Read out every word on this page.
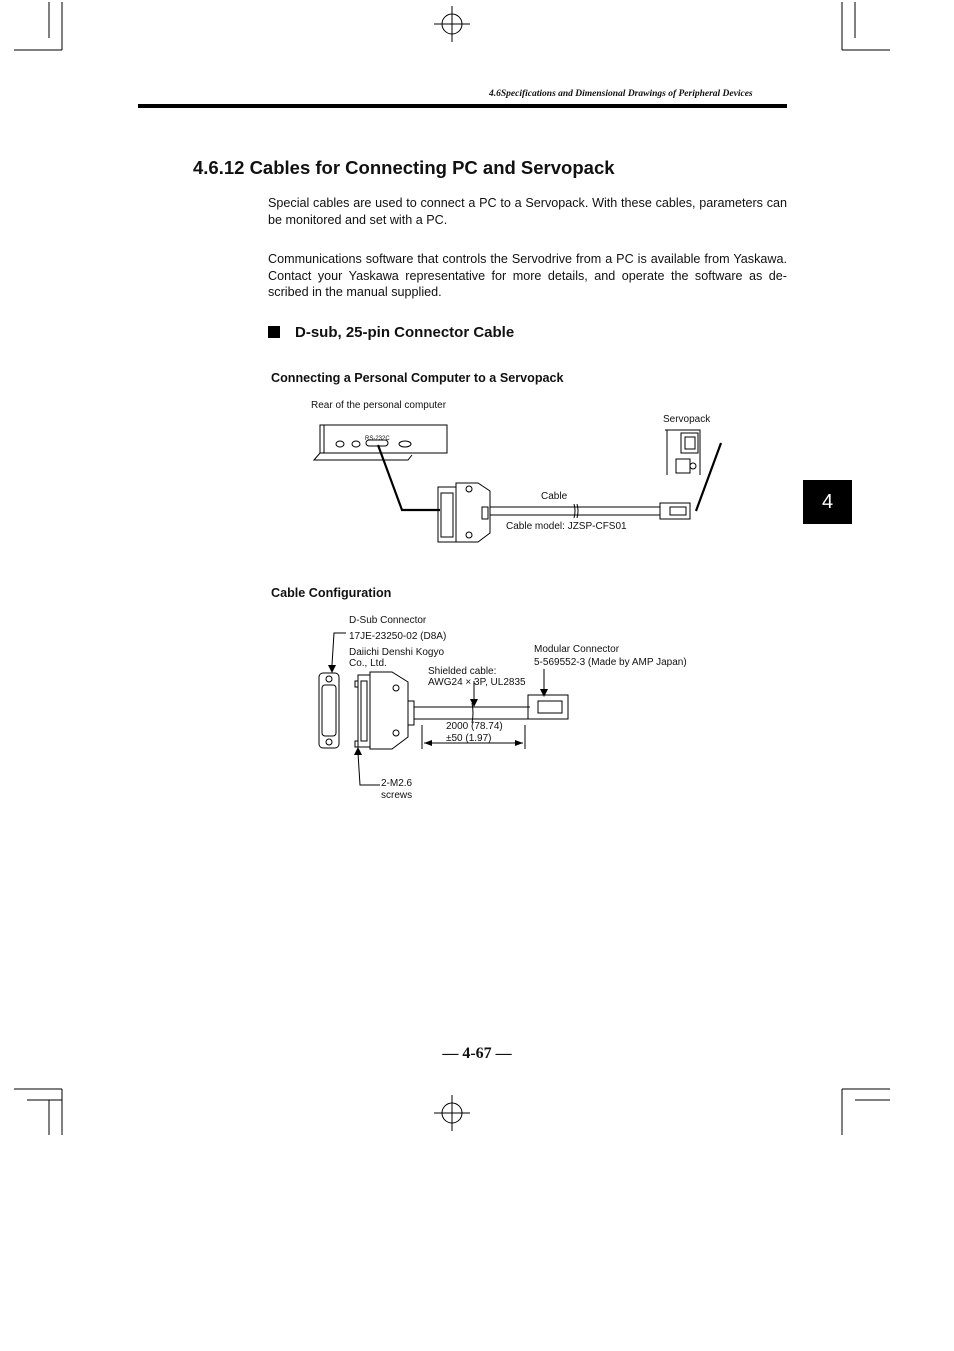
4.6Specifications and Dimensional Drawings of Peripheral Devices
4.6.12 Cables for Connecting PC and Servopack

Special cables are used to connect a PC to a Servopack. With these cables, parameters can be monitored and set with a PC.

Communications software that controls the Servodrive from a PC is available from Yaskawa. Contact your Yaskawa representative for more details, and operate the software as de- scribed in the manual supplied.

D-sub, 25-pin Connector Cable
Connecting a Personal Computer to a Servopack
Rear of the personal computer
RS-232C
Servopack
Cable
Cable model: JZSP-CFS01
Cable Configuration
D-Sub Connector
17JE-23250-02 (D8A)
Daiichi Denshi Kogyo
Co., Ltd.
Shielded cable:
AWG24 × 3P, UL2835
Modular Connector
5-569552-3 (Made by AMP Japan)
2000 (78.74)
±50 (1.97)
2-M2.6
screws
4
— 4-67 —
